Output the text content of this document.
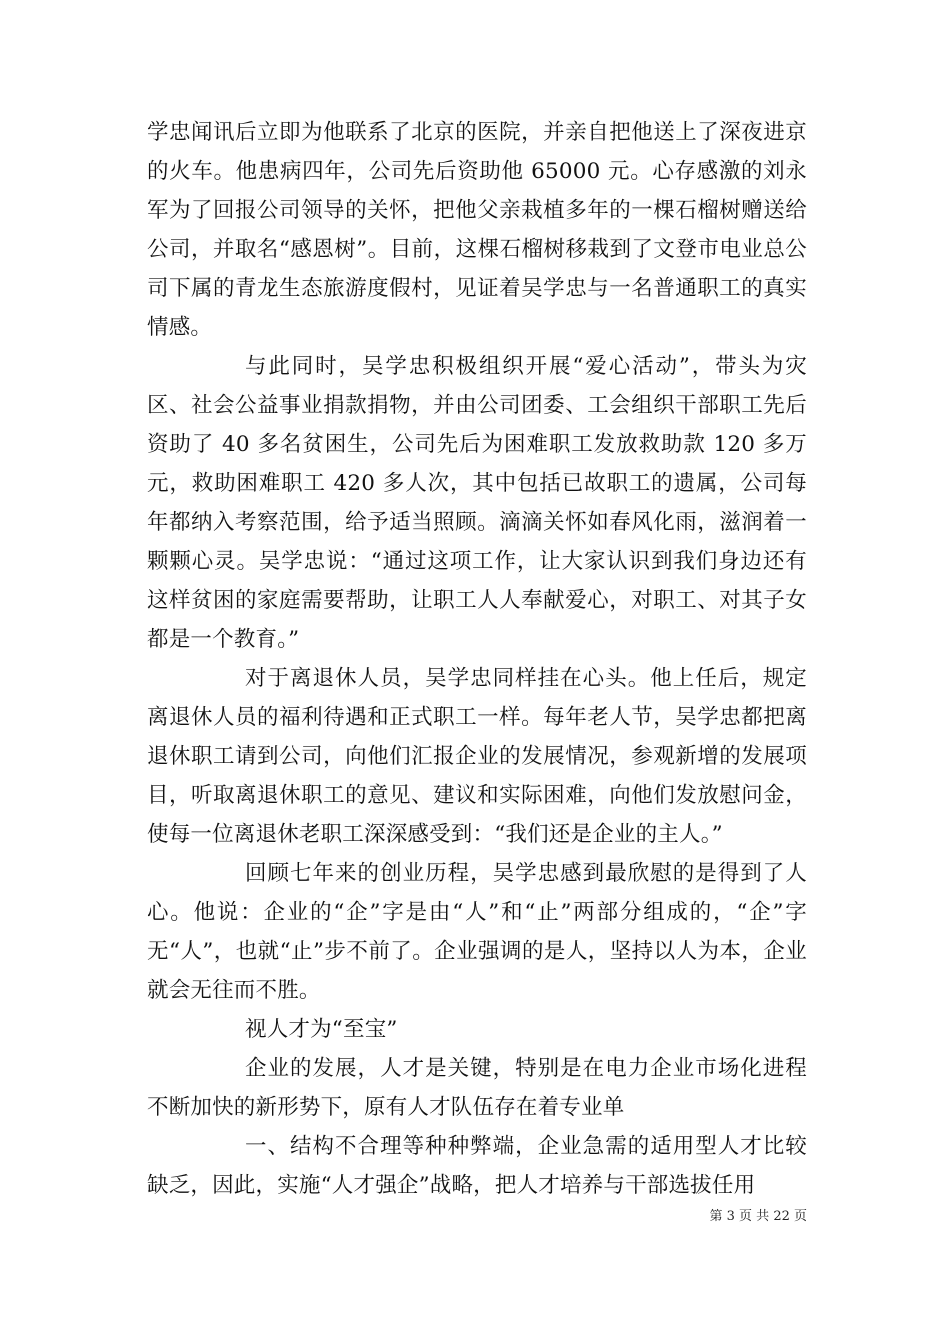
学忠闻讯后立即为他联系了北京的医院，并亲自把他送上了深夜进京的火车。他患病四年，公司先后资助他 65000 元。心存感激的刘永军为了回报公司领导的关怀，把他父亲栽植多年的一棵石榴树赠送给公司，并取名“感恩树”。目前，这棵石榴树移栽到了文登市电业总公司下属的青龙生态旅游度假村，见证着吴学忠与一名普通职工的真实情感。

与此同时，吴学忠积极组织开展“爱心活动”，带头为灾区、社会公益事业捐款捐物，并由公司团委、工会组织干部职工先后资助了 40 多名贫困生，公司先后为困难职工发放救助款 120 多万元，救助困难职工 420 多人次，其中包括已故职工的遗属，公司每年都纳入考察范围，给予适当照顾。滴滴关怀如春风化雨，滋润着一颗颗心灵。吴学忠说：“通过这项工作，让大家认识到我们身边还有这样贫困的家庭需要帮助，让职工人人奉献爱心，对职工、对其子女都是一个教育。”

对于离退休人员，吴学忠同样挂在心头。他上任后，规定离退休人员的福利待遇和正式职工一样。每年老人节，吴学忠都把离退休职工请到公司，向他们汇报企业的发展情况，参观新增的发展项目，听取离退休职工的意见、建议和实际困难，向他们发放慰问金，使每一位离退休老职工深深感受到：“我们还是企业的主人。”

回顾七年来的创业历程，吴学忠感到最欣慰的是得到了人心。他说：企业的“企”字是由“人”和“止”两部分组成的，“企”字无“人”，也就“止”步不前了。企业强调的是人，坚持以人为本，企业就会无往而不胜。

视人才为“至宝”

企业的发展，人才是关键，特别是在电力企业市场化进程不断加快的新形势下，原有人才队伍存在着专业单

一、结构不合理等种种弊端，企业急需的适用型人才比较缺乏，因此，实施“人才强企”战略，把人才培养与干部选拔任用

第 3 页 共 22 页
